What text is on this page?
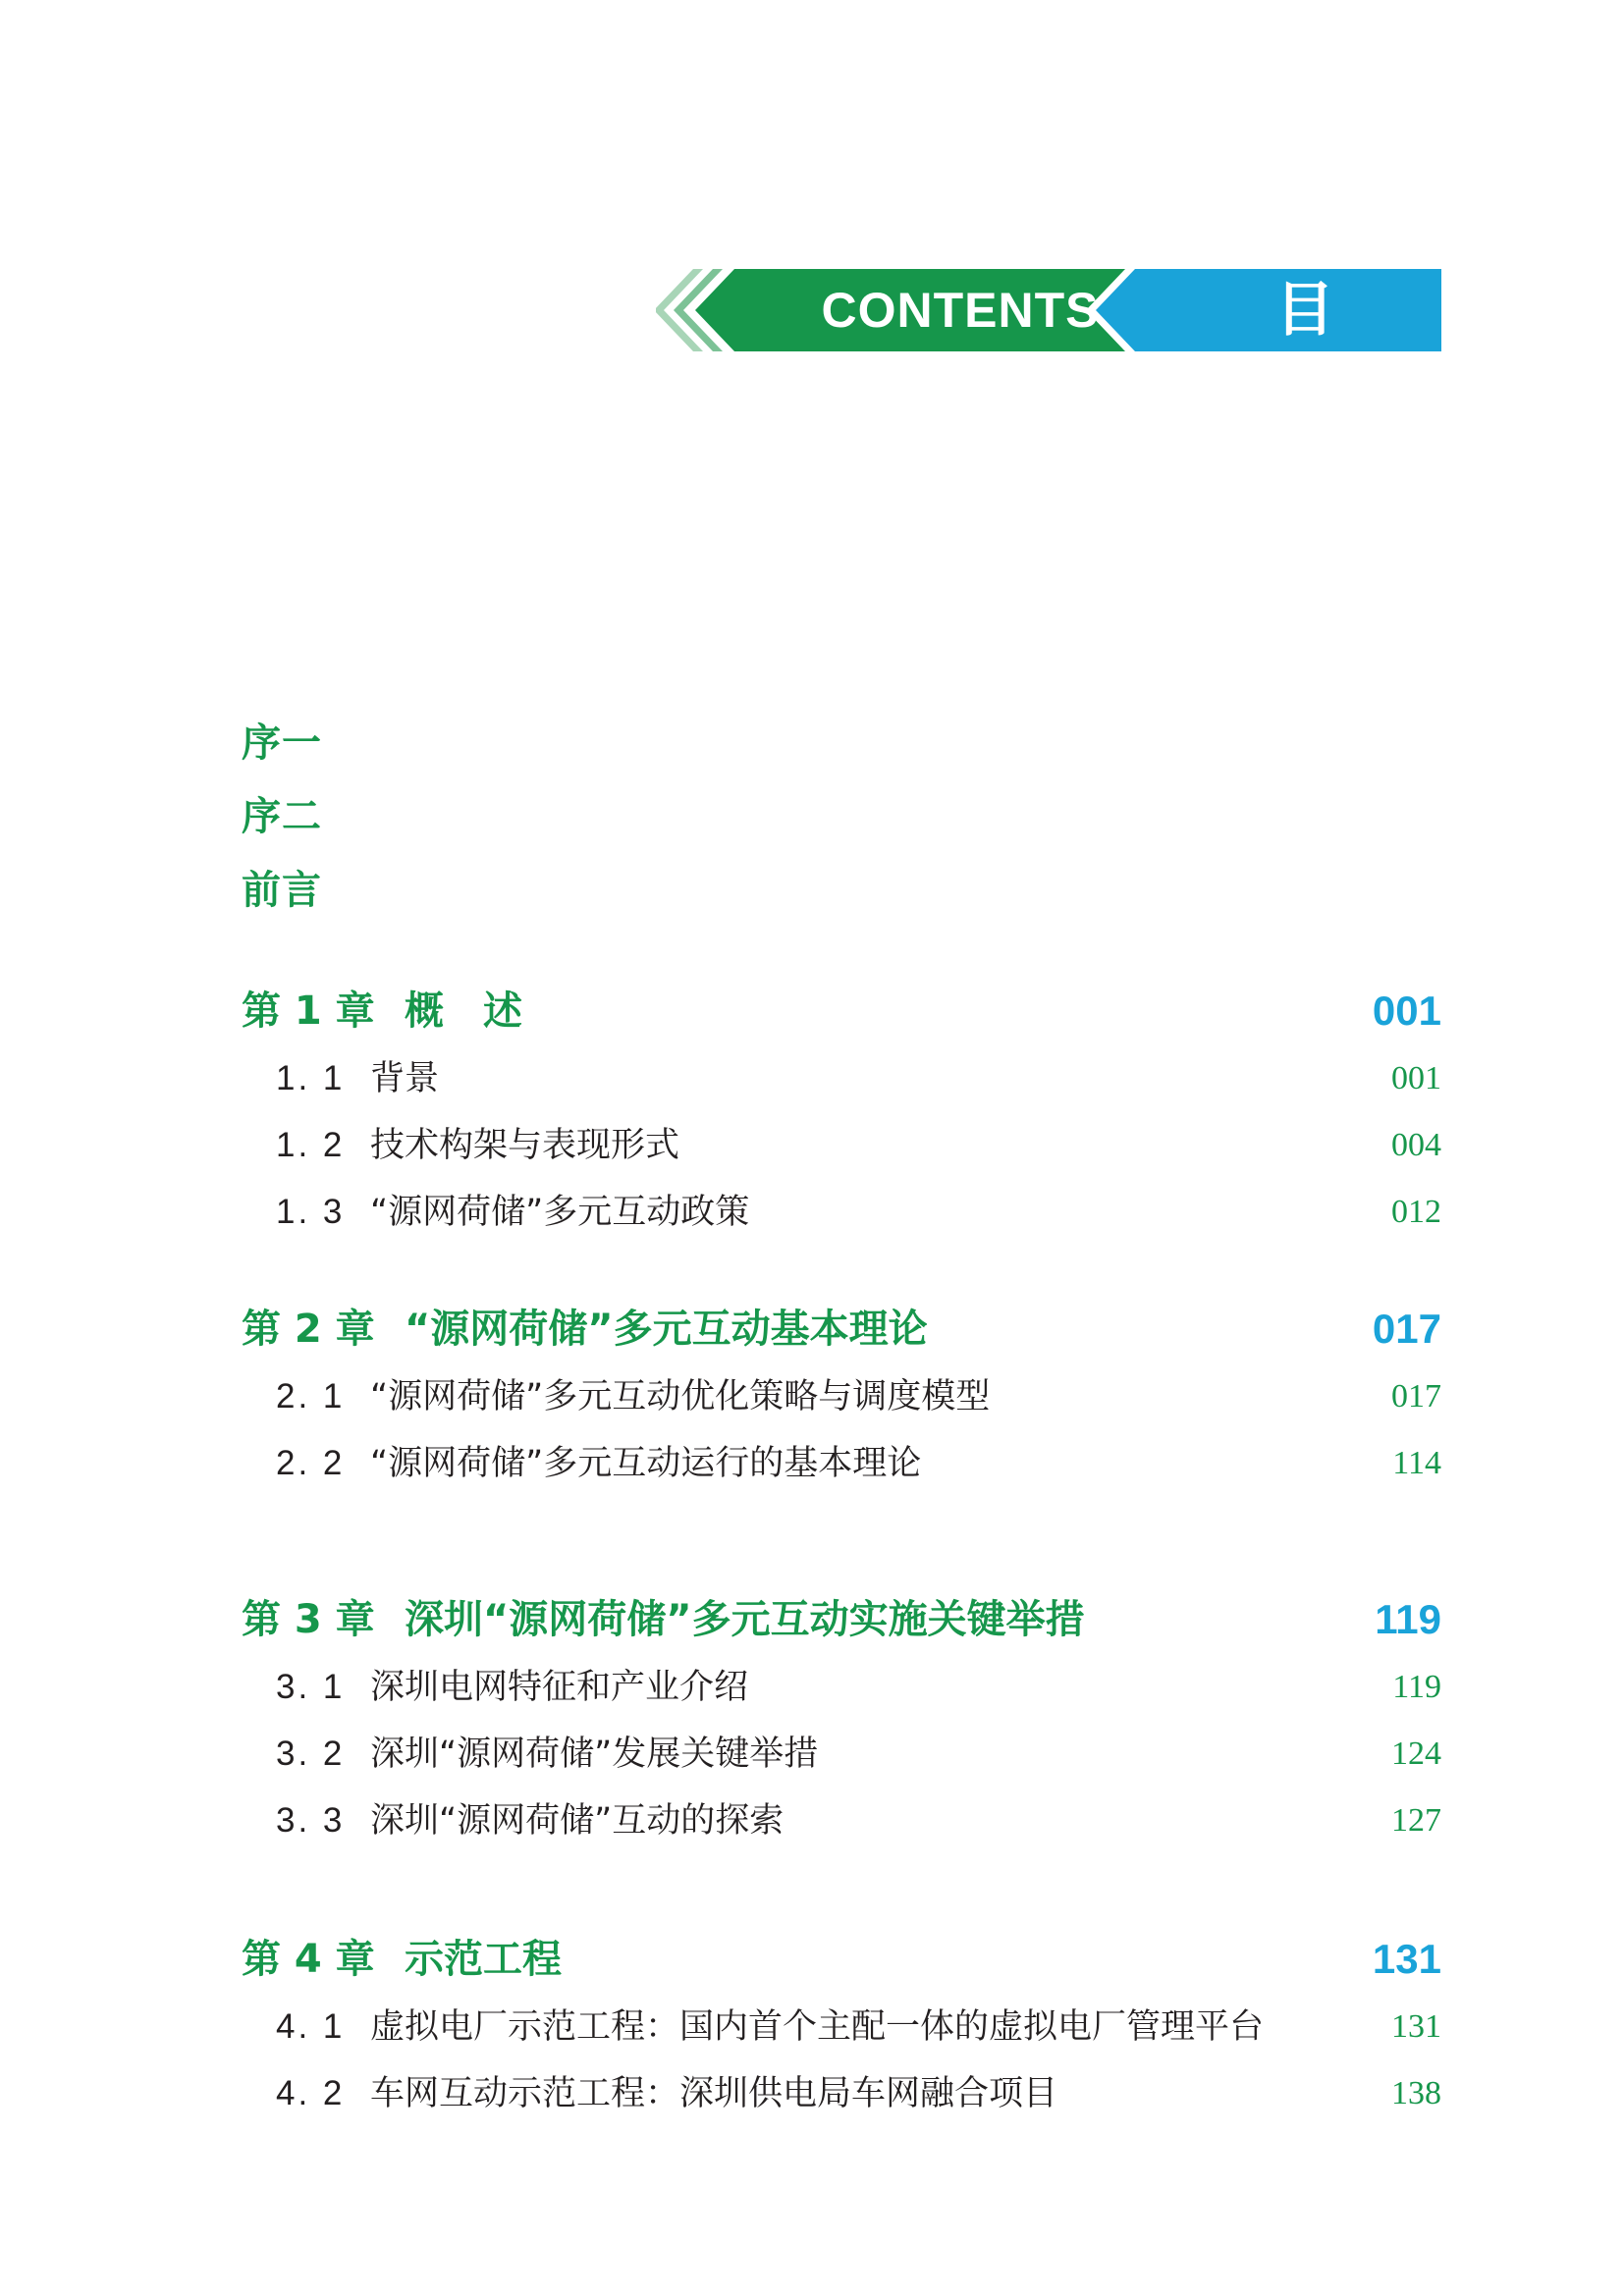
CONTENTS	目录
序一
序二
前言
第 1 章 概　述	001
1. 1 背景	001
1. 2 技术构架与表现形式	004
1. 3 “源网荷储”多元互动政策	012
第 2 章 “源网荷储”多元互动基本理论	017
2. 1 “源网荷储”多元互动优化策略与调度模型	017
2. 2 “源网荷储”多元互动运行的基本理论	114
第 3 章 深圳“源网荷储”多元互动实施关键举措	119
3. 1 深圳电网特征和产业介绍	119
3. 2 深圳“源网荷储”发展关键举措	124
3. 3 深圳“源网荷储”互动的探索	127
第 4 章 示范工程	131
4. 1 虚拟电厂示范工程：国内首个主配一体的虚拟电厂管理平台	131
4. 2 车网互动示范工程：深圳供电局车网融合项目	138
